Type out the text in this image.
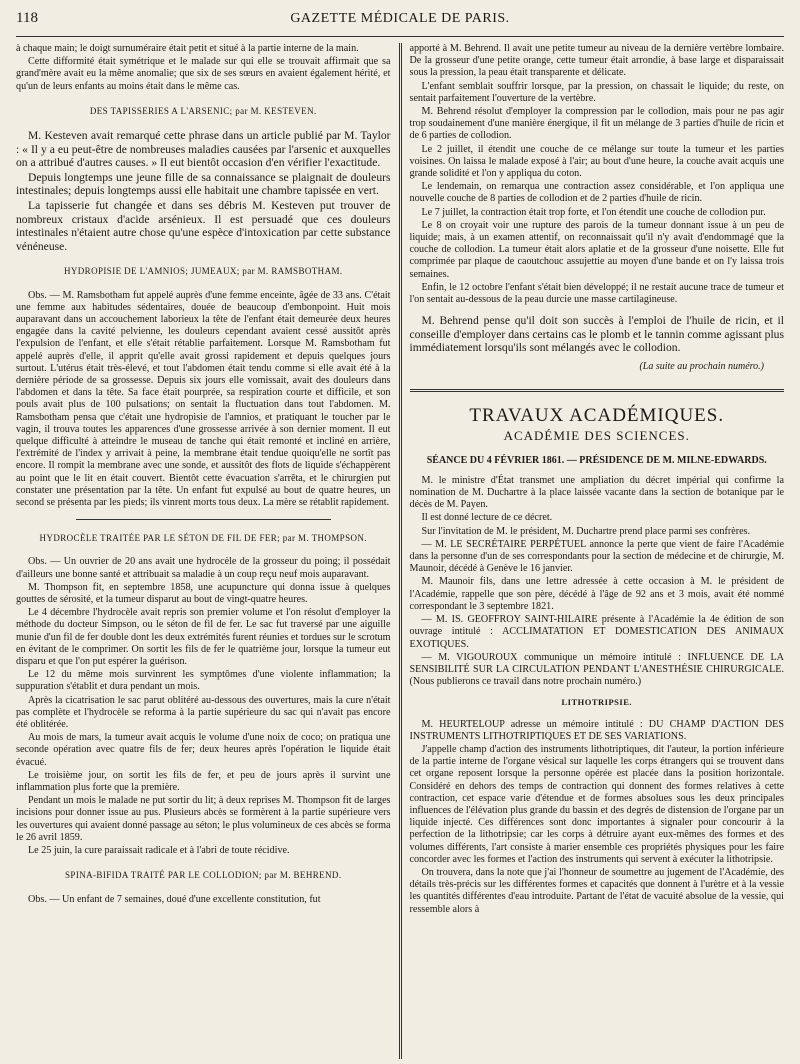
118	GAZETTE MÉDICALE DE PARIS.

à chaque main; le doigt surnuméraire était petit et situé à la partie interne de la main.

Cette difformité était symétrique et le malade sur qui elle se trouvait affirmait que sa grand'mère avait eu la même anomalie; que six de ses sœurs en avaient également hérité, et qu'un de leurs enfants au moins était dans le même cas.

DES TAPISSERIES A L'ARSENIC; par M. KESTEVEN.

M. Kesteven avait remarqué cette phrase dans un article publié par M. Taylor : « Il y a eu peut-être de nombreuses maladies causées par l'arsenic et auxquelles on a attribué d'autres causes. » Il eut bientôt occasion d'en vérifier l'exactitude.

Depuis longtemps une jeune fille de sa connaissance se plaignait de douleurs intestinales; depuis longtemps aussi elle habitait une chambre tapissée en vert.

La tapisserie fut changée et dans ses débris M. Kesteven put trouver de nombreux cristaux d'acide arsénieux. Il est persuadé que ces douleurs intestinales n'étaient autre chose qu'une espèce d'intoxication par cette substance vénéneuse.

HYDROPISIE DE L'AMNIOS; JUMEAUX; par M. RAMSBOTHAM.

Obs. — M. Ramsbotham fut appelé auprès d'une femme enceinte, âgée de 33 ans. C'était une femme aux habitudes sédentaires, douée de beaucoup d'embonpoint. Huit mois auparavant dans un accouchement laborieux la tête de l'enfant était demeurée deux heures engagée dans la cavité pelvienne, les douleurs cependant avaient cessé aussitôt après l'expulsion de l'enfant, et elle s'était rétablie parfaitement. Lorsque M. Ramsbotham fut appelé auprès d'elle, il apprit qu'elle avait grossi rapidement et depuis quelques jours surtout. L'utérus était très-élevé, et tout l'abdomen était tendu comme si elle avait été à la dernière période de sa grossesse. Depuis six jours elle vomissait, avait des douleurs dans l'abdomen et dans la tête. Sa face était pourprée, sa respiration courte et difficile, et son pouls avait plus de 100 pulsations; on sentait la fluctuation dans tout l'abdomen. M. Ramsbotham pensa que c'était une hydropisie de l'amnios, et pratiquant le toucher par le vagin, il trouva toutes les apparences d'une grossesse arrivée à son dernier moment. Il eut quelque difficulté à atteindre le museau de tanche qui était remonté et incliné en arrière, l'extrémité de l'index y arrivait à peine, la membrane était tendue quoiqu'elle ne sortît pas encore. Il rompit la membrane avec une sonde, et aussitôt des flots de liquide s'échappèrent au point que le lit en était couvert. Bientôt cette évacuation s'arrêta, et le chirurgien put constater une présentation par la tête. Un enfant fut expulsé au bout de quatre heures, un second se présenta par les pieds; ils vinrent morts tous deux. La mère se rétablit rapidement.

HYDROCÈLE TRAITÉE PAR LE SÉTON DE FIL DE FER; par M. THOMPSON.

Obs. — Un ouvrier de 20 ans avait une hydrocèle de la grosseur du poing; il possédait d'ailleurs une bonne santé et attribuait sa maladie à un coup reçu neuf mois auparavant.

M. Thompson fit, en septembre 1858, une acupuncture qui donna issue à quelques gouttes de sérosité, et la tumeur disparut au bout de vingt-quatre heures.

Le 4 décembre l'hydrocèle avait repris son premier volume et l'on résolut d'employer la méthode du docteur Simpson, ou le séton de fil de fer. Le sac fut traversé par une aiguille munie d'un fil de fer double dont les deux extrémités furent réunies et tordues sur le scrotum en évitant de le comprimer. On sortit les fils de fer le quatrième jour, lorsque la tumeur eut disparu et que l'on put espérer la guérison.

Le 12 du même mois survinrent les symptômes d'une violente inflammation; la suppuration s'établit et dura pendant un mois.

Après la cicatrisation le sac parut oblitéré au-dessous des ouvertures, mais la cure n'était pas complète et l'hydrocèle se reforma à la partie supérieure du sac qui n'avait pas encore été oblitérée.

Au mois de mars, la tumeur avait acquis le volume d'une noix de coco; on pratiqua une seconde opération avec quatre fils de fer; deux heures après l'opération le liquide était évacué.

Le troisième jour, on sortit les fils de fer, et peu de jours après il survint une inflammation plus forte que la première.

Pendant un mois le malade ne put sortir du lit; à deux reprises M. Thompson fit de larges incisions pour donner issue au pus. Plusieurs abcès se formèrent à la partie supérieure vers les ouvertures qui avaient donné passage au séton; le plus volumineux de ces abcès se forma le 26 avril 1859.

Le 25 juin, la cure paraissait radicale et à l'abri de toute récidive.

SPINA-BIFIDA TRAITÉ PAR LE COLLODION; par M. BEHREND.

Obs. — Un enfant de 7 semaines, doué d'une excellente constitution, fut

apporté à M. Behrend. Il avait une petite tumeur au niveau de la dernière vertèbre lombaire. De la grosseur d'une petite orange, cette tumeur était arrondie, à base large et disparaissait sous la pression, la peau était transparente et délicate.

L'enfant semblait souffrir lorsque, par la pression, on chassait le liquide; du reste, on sentait parfaitement l'ouverture de la vertèbre.

M. Behrend résolut d'employer la compression par le collodion, mais pour ne pas agir trop soudainement d'une manière énergique, il fit un mélange de 3 parties d'huile de ricin et de 6 parties de collodion.

Le 2 juillet, il étendit une couche de ce mélange sur toute la tumeur et les parties voisines. On laissa le malade exposé à l'air; au bout d'une heure, la couche avait acquis une grande solidité et l'on y appliqua du coton.

Le lendemain, on remarqua une contraction assez considérable, et l'on appliqua une nouvelle couche de 8 parties de collodion et de 2 parties d'huile de ricin.

Le 7 juillet, la contraction était trop forte, et l'on étendit une couche de collodion pur.

Le 8 on croyait voir une rupture des parois de la tumeur donnant issue à un peu de liquide; mais, à un examen attentif, on reconnaissait qu'il n'y avait d'endommagé que la couche de collodion. La tumeur était alors aplatie et de la grosseur d'une noisette. Elle fut comprimée par plaque de caoutchouc assujettie au moyen d'une bande et on l'y laissa trois semaines.

Enfin, le 12 octobre l'enfant s'était bien développé; il ne restait aucune trace de tumeur et l'on sentait au-dessous de la peau durcie une masse cartilagineuse.

M. Behrend pense qu'il doit son succès à l'emploi de l'huile de ricin, et il conseille d'employer dans certains cas le plomb et le tannin comme agissant plus immédiatement lorsqu'ils sont mélangés avec le collodion.

(La suite au prochain numéro.)
TRAVAUX ACADÉMIQUES.
ACADÉMIE DES SCIENCES.
SÉANCE DU 4 FÉVRIER 1861. — PRÉSIDENCE DE M. MILNE-EDWARDS.

M. le ministre d'État transmet une ampliation du décret impérial qui confirme la nomination de M. Duchartre à la place laissée vacante dans la section de botanique par le décès de M. Payen.

Il est donné lecture de ce décret.

Sur l'invitation de M. le président, M. Duchartre prend place parmi ses confrères.

— M. LE SECRÉTAIRE PERPÉTUEL annonce la perte que vient de faire l'Académie dans la personne d'un de ses correspondants pour la section de médecine et de chirurgie, M. Maunoir, décédé à Genève le 16 janvier.

M. Maunoir fils, dans une lettre adressée à cette occasion à M. le président de l'Académie, rappelle que son père, décédé à l'âge de 92 ans et 3 mois, avait été nommé correspondant le 3 septembre 1821.

— M. IS. GEOFFROY SAINT-HILAIRE présente à l'Académie la 4e édition de son ouvrage intitulé : ACCLIMATATION ET DOMESTICATION DES ANIMAUX EXOTIQUES.

— M. VIGOUROUX communique un mémoire intitulé : INFLUENCE DE LA SENSIBILITÉ SUR LA CIRCULATION PENDANT L'ANESTHÉSIE CHIRURGICALE. (Nous publierons ce travail dans notre prochain numéro.)

LITHOTRIPSIE.

M. HEURTELOUP adresse un mémoire intitulé : DU CHAMP D'ACTION DES INSTRUMENTS LITHOTRIPTIQUES ET DE SES VARIATIONS.

J'appelle champ d'action des instruments lithotriptiques, dit l'auteur, la portion inférieure de la partie interne de l'organe vésical sur laquelle les corps étrangers qui se trouvent dans cet organe reposent lorsque la personne opérée est placée dans la position horizontale. Considéré en dehors des temps de contraction qui donnent des formes relatives à cette contraction, cet espace varie d'étendue et de formes absolues sous les deux principales influences de l'élévation plus grande du bassin et des degrés de distension de l'organe par un liquide injecté. Ces différences sont donc importantes à signaler pour concourir à la perfection de la lithotripsie; car les corps à détruire ayant eux-mêmes des formes et des volumes différents, l'art consiste à marier ensemble ces propriétés physiques pour les faire concorder avec les formes et l'action des instruments qui servent à exécuter la lithotripsie.

On trouvera, dans la note que j'ai l'honneur de soumettre au jugement de l'Académie, des détails très-précis sur les différentes formes et capacités que donnent à l'urètre et à la vessie les quantités différentes d'eau introduite. Partant de l'état de vacuité absolue de la vessie, qui ressemble alors à
